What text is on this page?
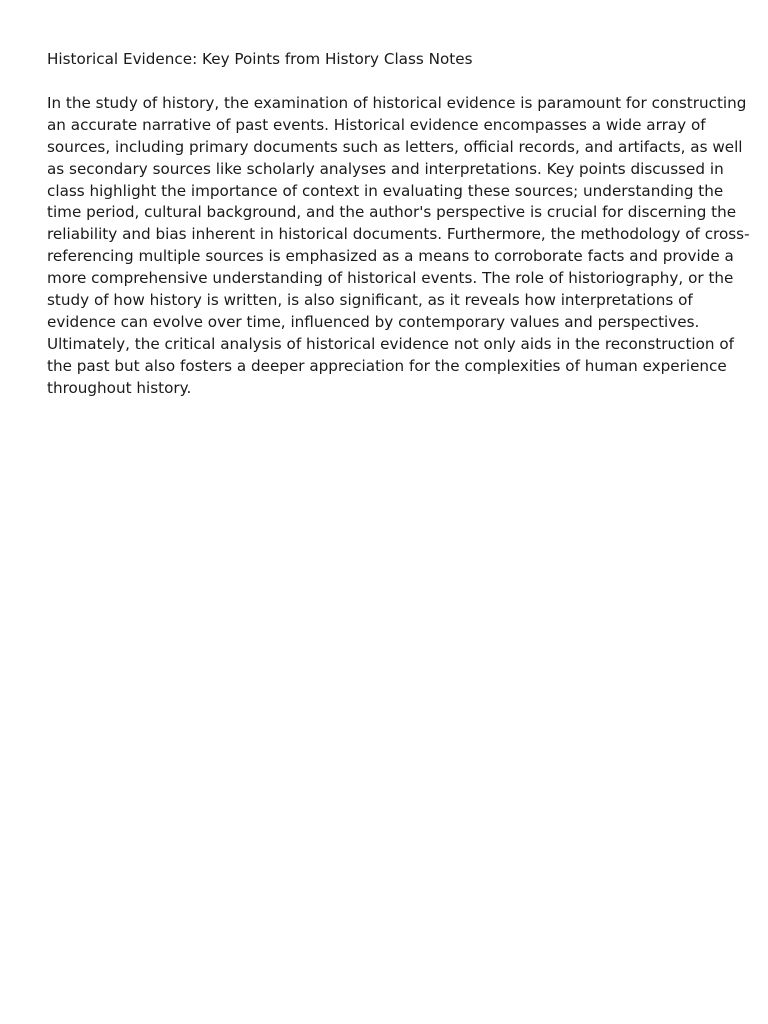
Historical Evidence: Key Points from History Class Notes

In the study of history, the examination of historical evidence is paramount for constructing
an accurate narrative of past events. Historical evidence encompasses a wide array of
sources, including primary documents such as letters, official records, and artifacts, as well
as secondary sources like scholarly analyses and interpretations. Key points discussed in
class highlight the importance of context in evaluating these sources; understanding the
time period, cultural background, and the author's perspective is crucial for discerning the
reliability and bias inherent in historical documents. Furthermore, the methodology of cross-
referencing multiple sources is emphasized as a means to corroborate facts and provide a
more comprehensive understanding of historical events. The role of historiography, or the
study of how history is written, is also significant, as it reveals how interpretations of
evidence can evolve over time, influenced by contemporary values and perspectives.
Ultimately, the critical analysis of historical evidence not only aids in the reconstruction of
the past but also fosters a deeper appreciation for the complexities of human experience
throughout history.
